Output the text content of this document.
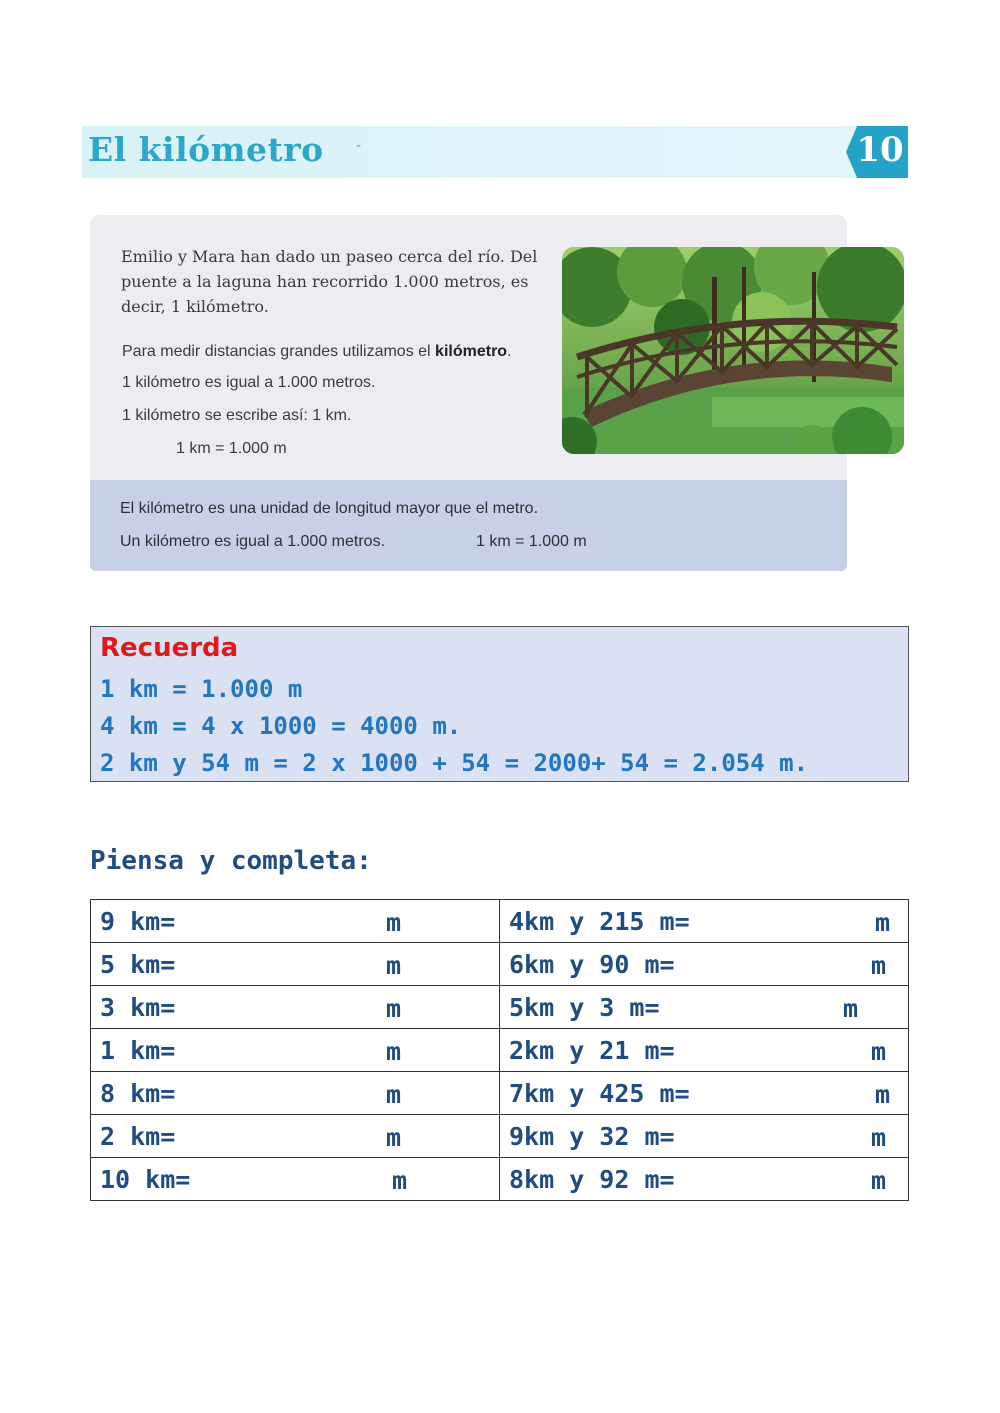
El kilómetro -	10
Emilio y Mara han dado un paseo cerca del río. Del puente a la laguna han recorrido 1.000 metros, es decir, 1 kilómetro.
Para medir distancias grandes utilizamos el kilómetro.
1 kilómetro es igual a 1.000 metros.
1 kilómetro se escribe así: 1 km.
1 km = 1.000 m
El kilómetro es una unidad de longitud mayor que el metro.
Un kilómetro es igual a 1.000 metros.	1 km = 1.000 m
Recuerda
1 km = 1.000 m
4 km = 4 x 1000 = 4000 m.
2 km y 54 m = 2 x 1000 + 54 = 2000+ 54 = 2.054 m.
Piensa y completa:
9 km= m	4km y 215 m= m

5 km= m	6km y 90 m= m

3 km= m	5km y 3 m= m

1 km= m	2km y 21 m= m

8 km= m	7km y 425 m= m

2 km= m	9km y 32 m= m

10 km= m	8km y 92 m= m
